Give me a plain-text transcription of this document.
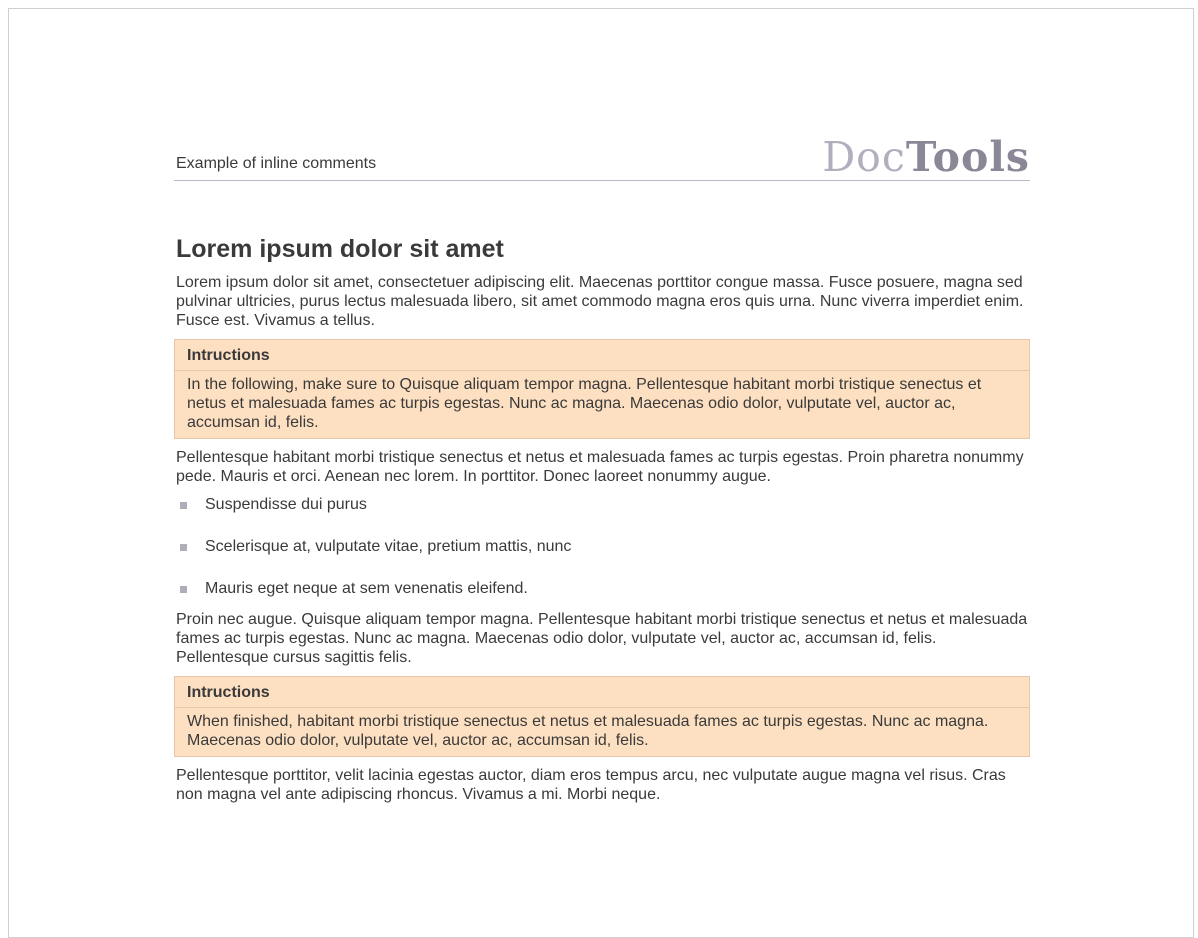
Example of inline comments	DocTools
Lorem ipsum dolor sit amet

Lorem ipsum dolor sit amet, consectetuer adipiscing elit. Maecenas porttitor congue massa. Fusce posuere, magna sed pulvinar ultricies, purus lectus malesuada libero, sit amet commodo magna eros quis urna. Nunc viverra imperdiet enim. Fusce est. Vivamus a tellus.

Intructions
In the following, make sure to Quisque aliquam tempor magna. Pellentesque habitant morbi tristique senectus et netus et malesuada fames ac turpis egestas. Nunc ac magna. Maecenas odio dolor, vulputate vel, auctor ac, accumsan id, felis.

Pellentesque habitant morbi tristique senectus et netus et malesuada fames ac turpis egestas. Proin pharetra nonummy pede. Mauris et orci. Aenean nec lorem. In porttitor. Donec laoreet nonummy augue.

Suspendisse dui purus
Scelerisque at, vulputate vitae, pretium mattis, nunc
Mauris eget neque at sem venenatis eleifend.

Proin nec augue. Quisque aliquam tempor magna. Pellentesque habitant morbi tristique senectus et netus et malesuada fames ac turpis egestas. Nunc ac magna. Maecenas odio dolor, vulputate vel, auctor ac, accumsan id, felis. Pellentesque cursus sagittis felis.

Intructions
When finished, habitant morbi tristique senectus et netus et malesuada fames ac turpis egestas. Nunc ac magna. Maecenas odio dolor, vulputate vel, auctor ac, accumsan id, felis.

Pellentesque porttitor, velit lacinia egestas auctor, diam eros tempus arcu, nec vulputate augue magna vel risus. Cras non magna vel ante adipiscing rhoncus. Vivamus a mi. Morbi neque.
